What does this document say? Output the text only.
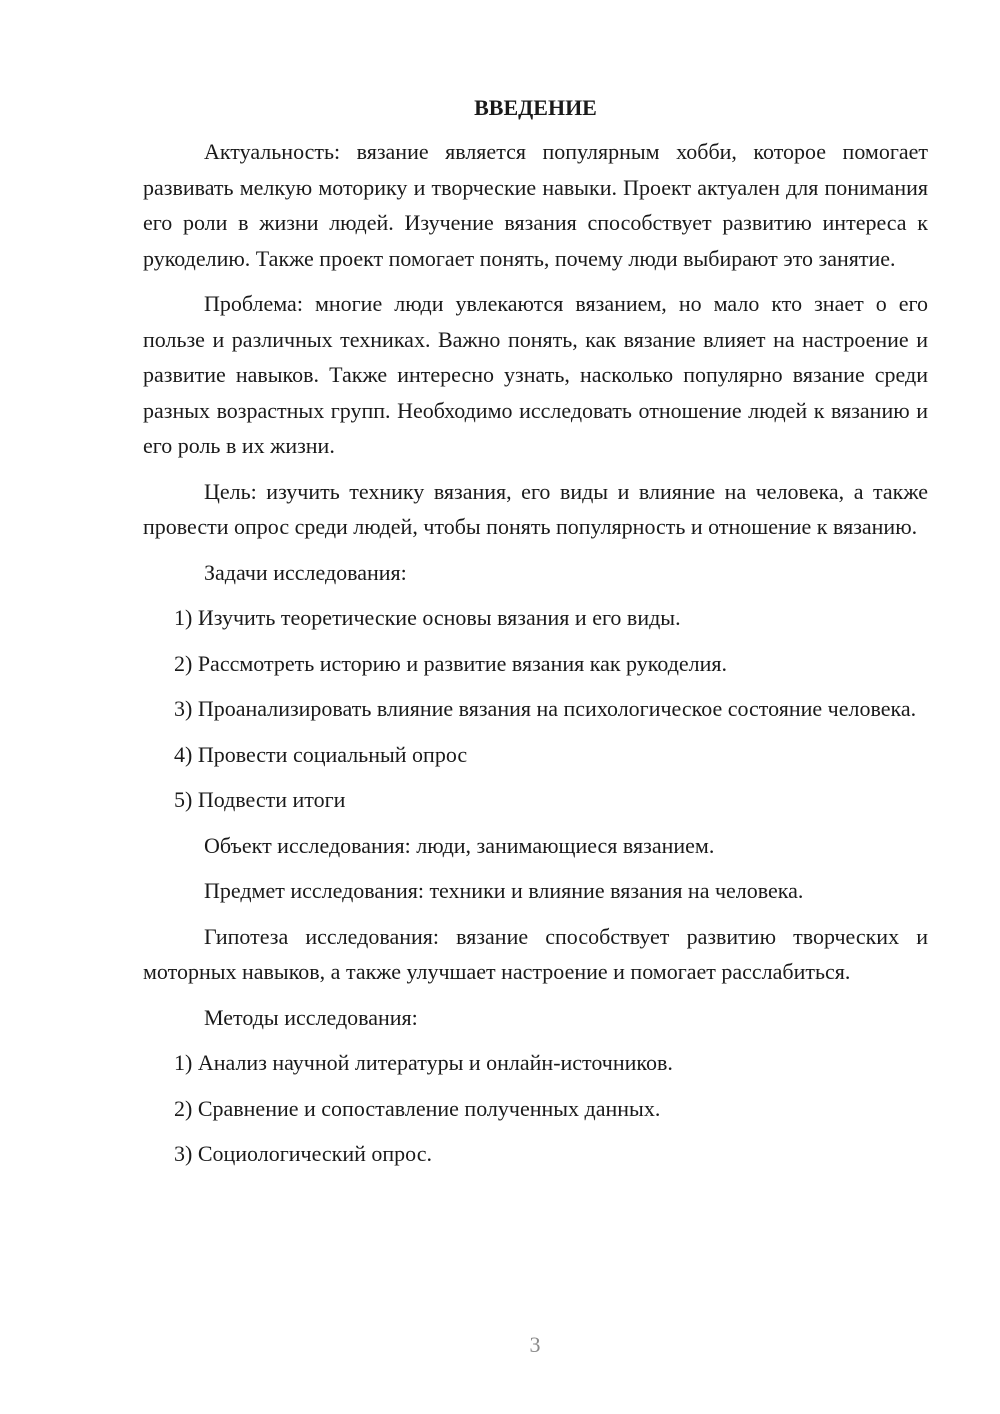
ВВЕДЕНИЕ

Актуальность: вязание является популярным хобби, которое помогает развивать мелкую моторику и творческие навыки. Проект актуален для понимания его роли в жизни людей. Изучение вязания способствует развитию интереса к рукоделию. Также проект помогает понять, почему люди выбирают это занятие.

Проблема: многие люди увлекаются вязанием, но мало кто знает о его пользе и различных техниках. Важно понять, как вязание влияет на настроение и развитие навыков. Также интересно узнать, насколько популярно вязание среди разных возрастных групп. Необходимо исследовать отношение людей к вязанию и его роль в их жизни.

Цель: изучить технику вязания, его виды и влияние на человека, а также провести опрос среди людей, чтобы понять популярность и отношение к вязанию.

Задачи исследования:

1) Изучить теоретические основы вязания и его виды.

2) Рассмотреть историю и развитие вязания как рукоделия.

3) Проанализировать влияние вязания на психологическое состояние человека.

4) Провести социальный опрос

5) Подвести итоги

Объект исследования: люди, занимающиеся вязанием.

Предмет исследования: техники и влияние вязания на человека.

Гипотеза исследования: вязание способствует развитию творческих и моторных навыков, а также улучшает настроение и помогает расслабиться.

Методы исследования:

1) Анализ научной литературы и онлайн-источников.

2) Сравнение и сопоставление полученных данных.

3) Социологический опрос.

3
